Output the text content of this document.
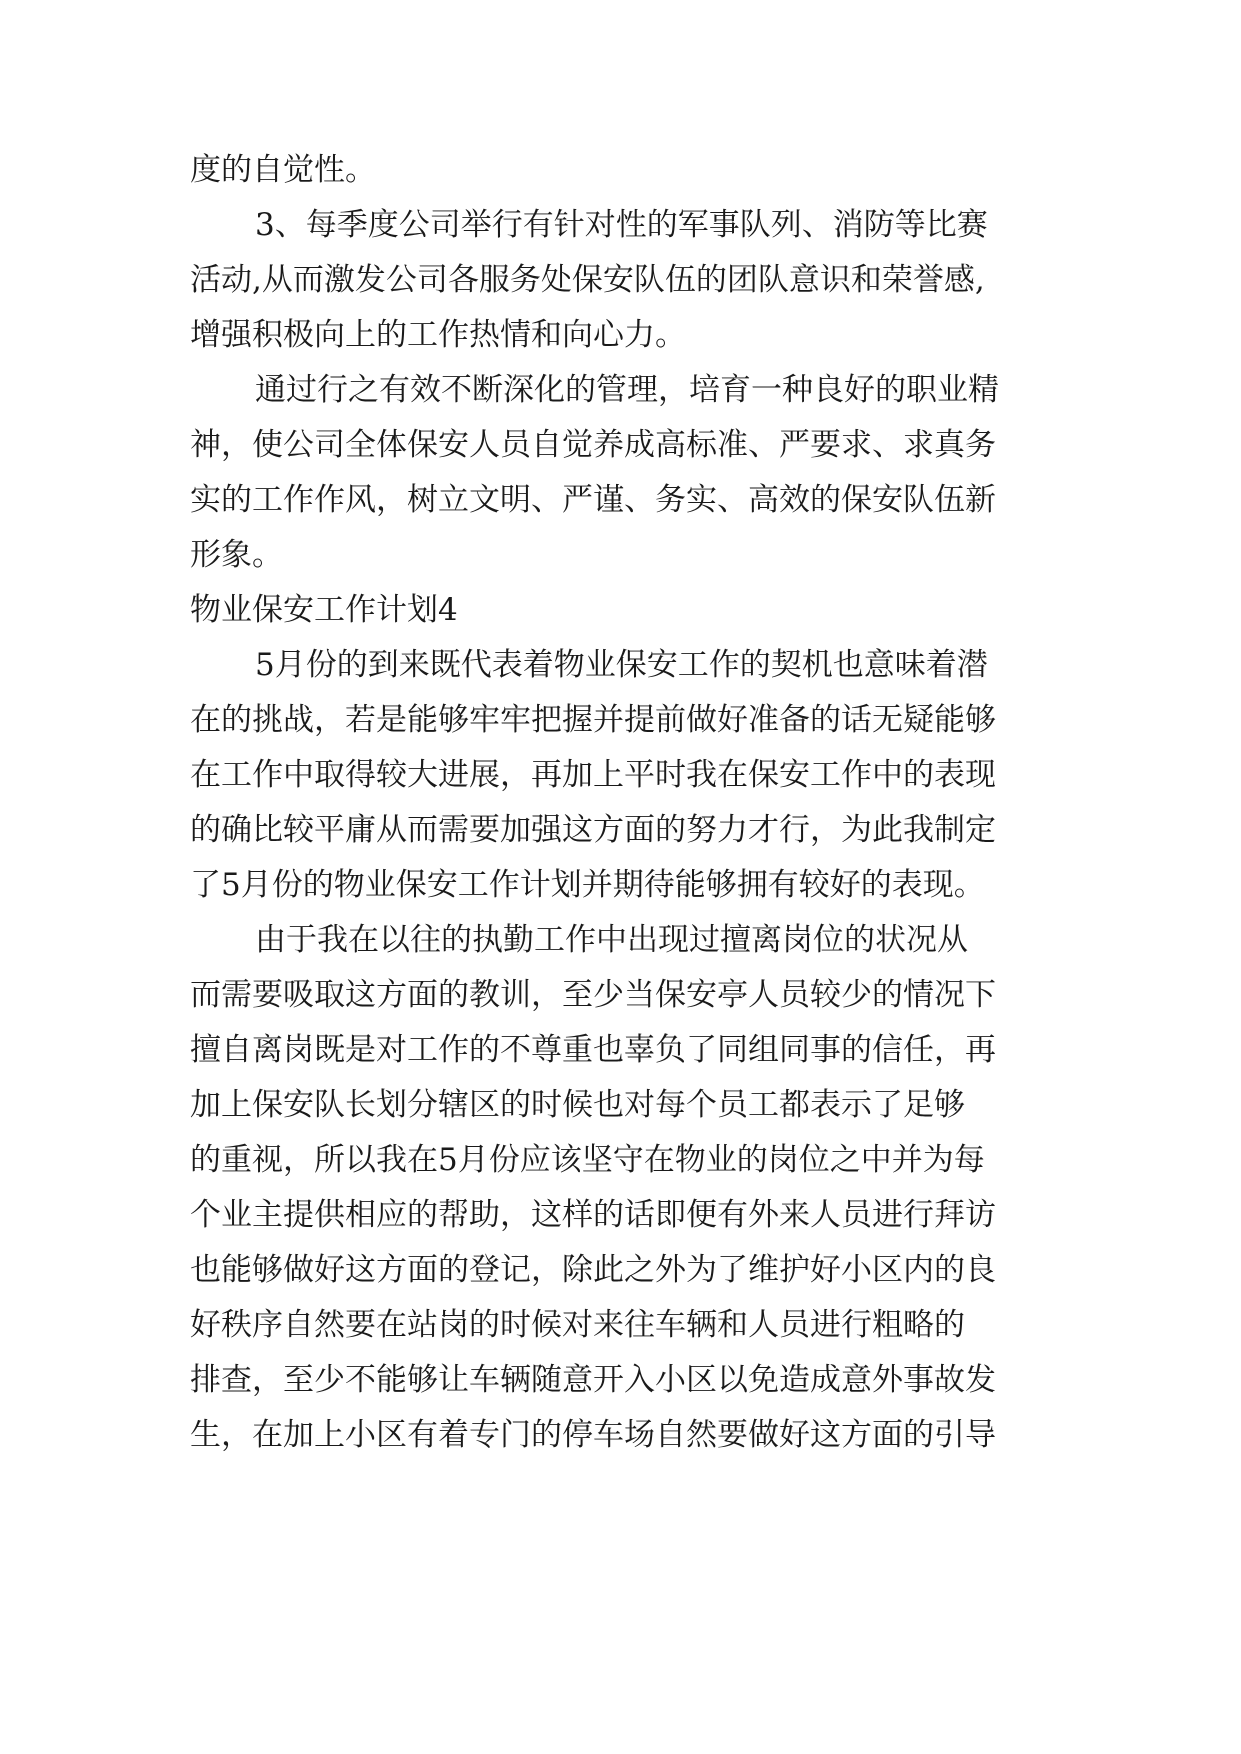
度的自觉性。

3、每季度公司举行有针对性的军事队列、消防等比赛

活动,从而激发公司各服务处保安队伍的团队意识和荣誉感,

增强积极向上的工作热情和向心力。

通过行之有效不断深化的管理，培育一种良好的职业精

神，使公司全体保安人员自觉养成高标准、严要求、求真务

实的工作作风，树立文明、严谨、务实、高效的保安队伍新

形象。

物业保安工作计划4

5月份的到来既代表着物业保安工作的契机也意味着潜

在的挑战，若是能够牢牢把握并提前做好准备的话无疑能够

在工作中取得较大进展，再加上平时我在保安工作中的表现

的确比较平庸从而需要加强这方面的努力才行，为此我制定

了5月份的物业保安工作计划并期待能够拥有较好的表现。

由于我在以往的执勤工作中出现过擅离岗位的状况从

而需要吸取这方面的教训，至少当保安亭人员较少的情况下

擅自离岗既是对工作的不尊重也辜负了同组同事的信任，再

加上保安队长划分辖区的时候也对每个员工都表示了足够

的重视，所以我在5月份应该坚守在物业的岗位之中并为每

个业主提供相应的帮助，这样的话即便有外来人员进行拜访

也能够做好这方面的登记，除此之外为了维护好小区内的良

好秩序自然要在站岗的时候对来往车辆和人员进行粗略的

排查，至少不能够让车辆随意开入小区以免造成意外事故发

生，在加上小区有着专门的停车场自然要做好这方面的引导
